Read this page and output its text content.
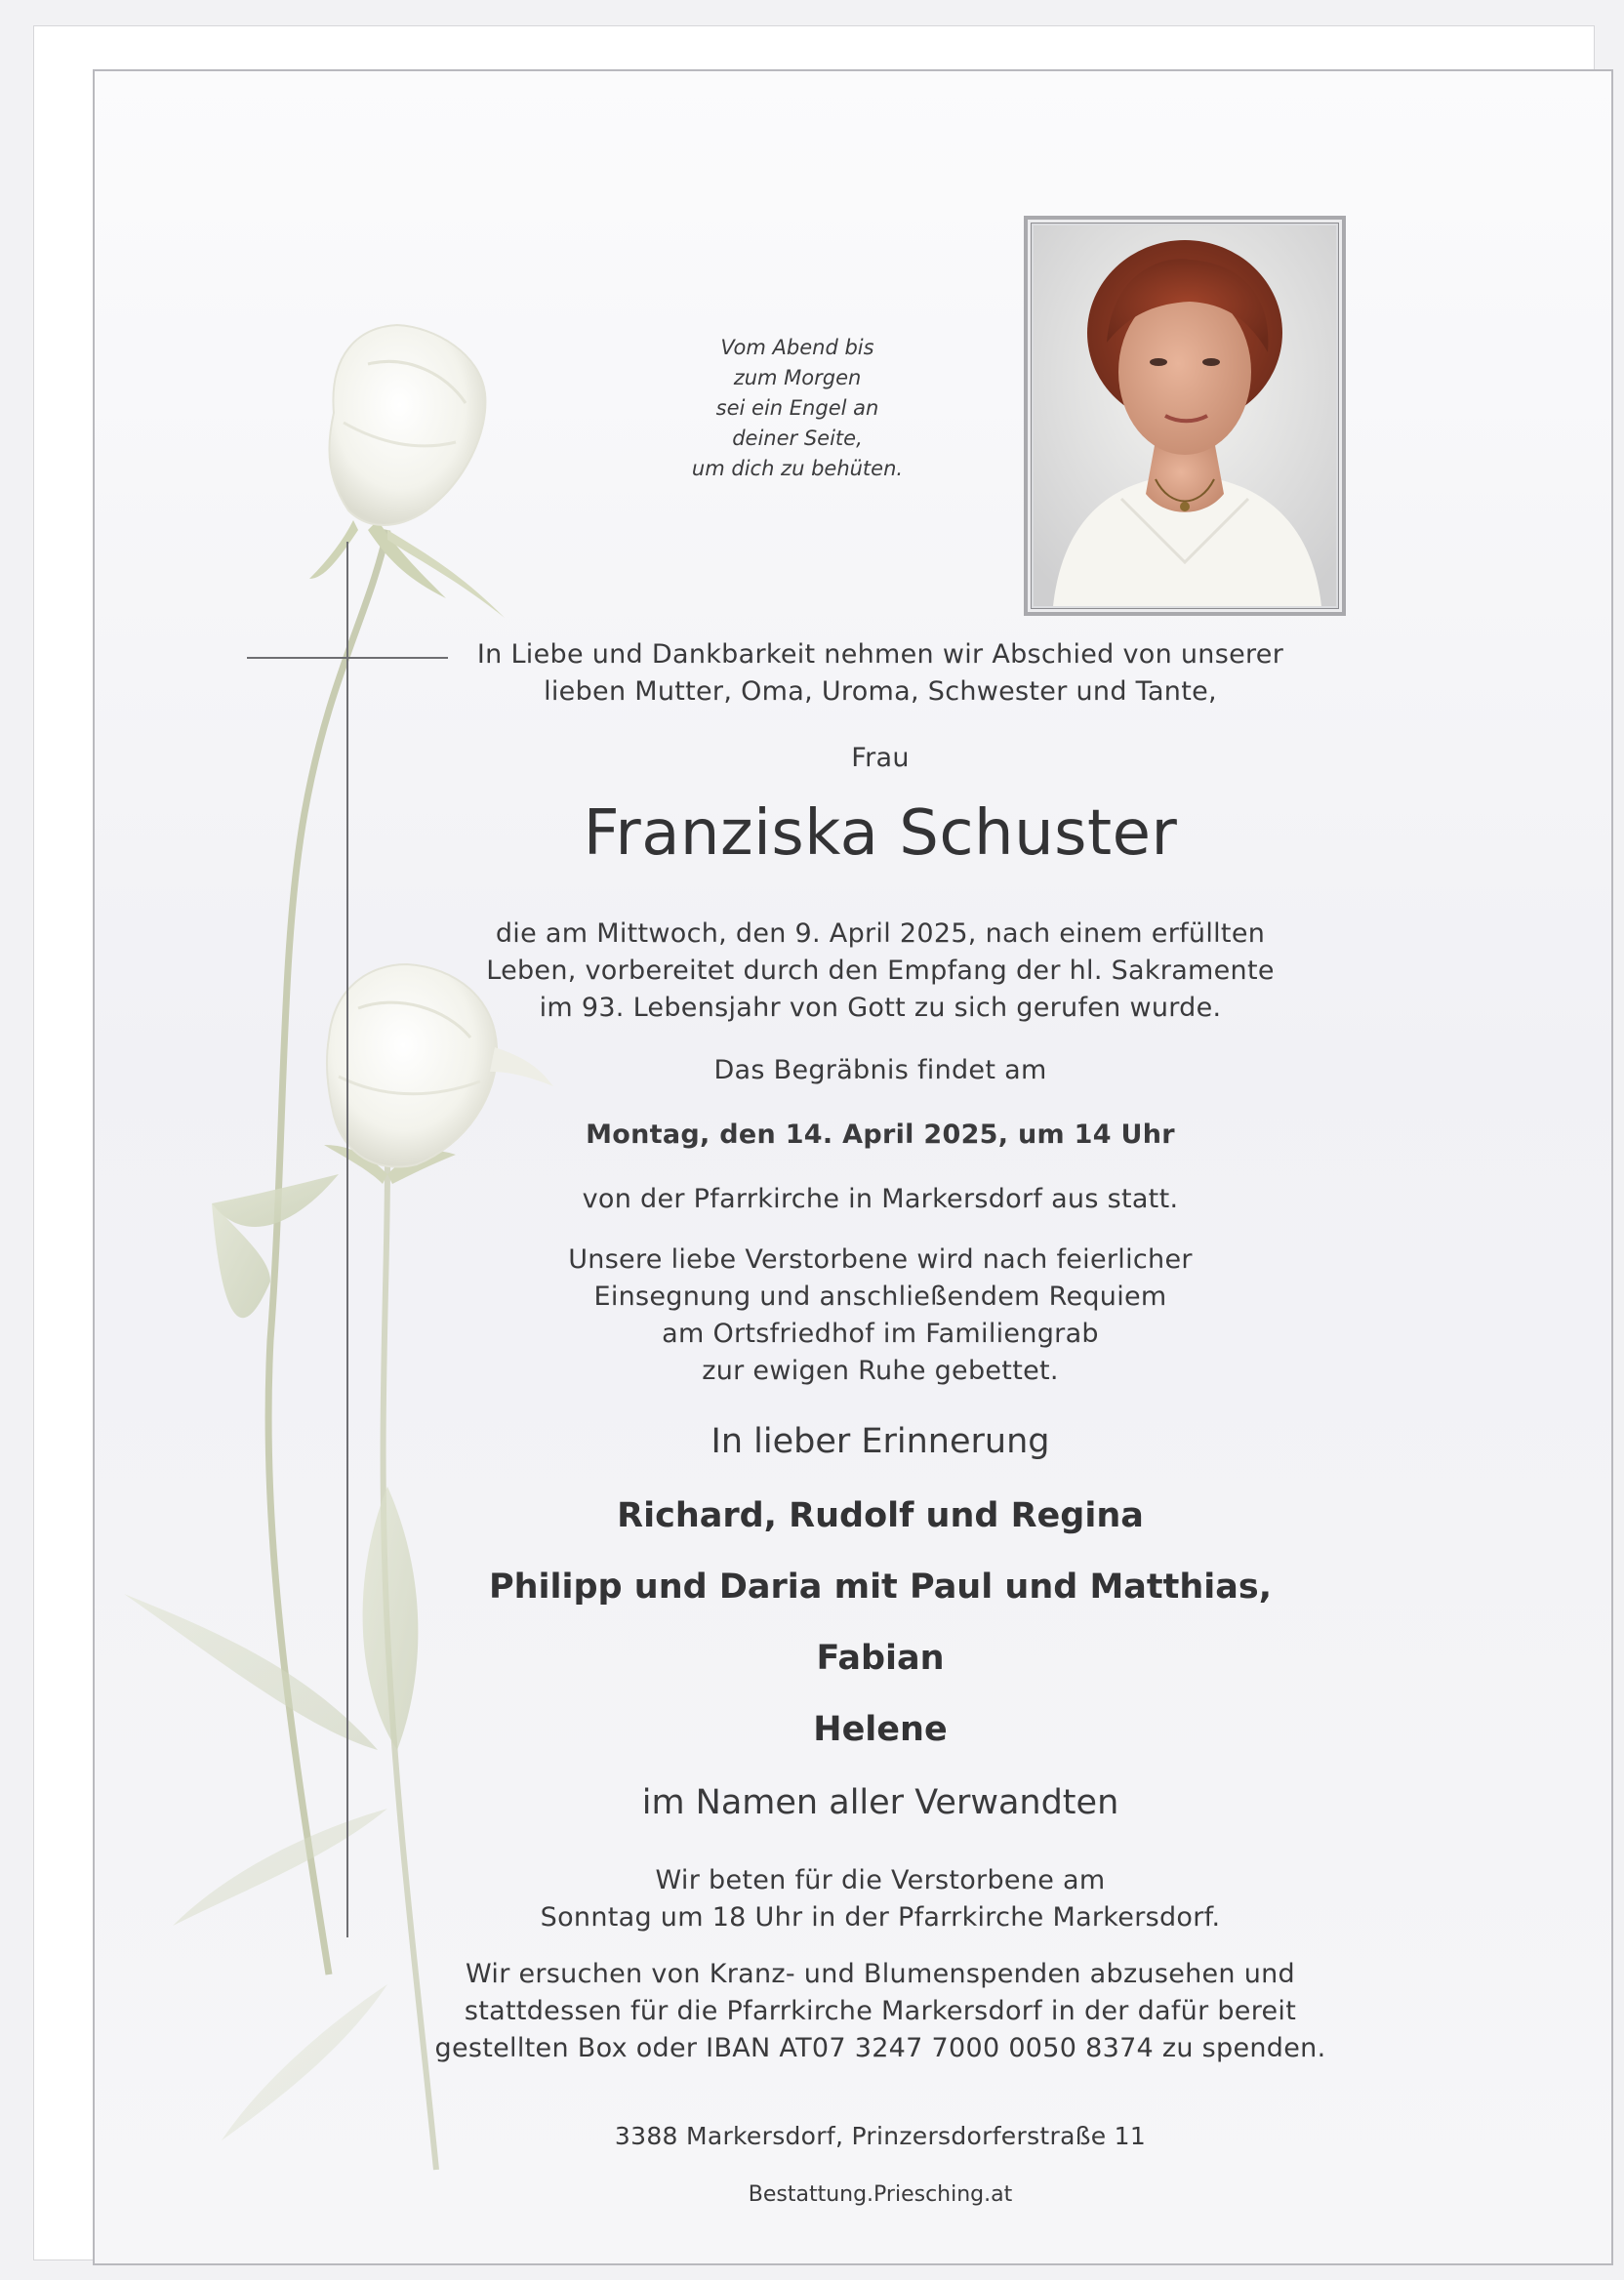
Vom Abend bis
zum Morgen
sei ein Engel an
deiner Seite,
um dich zu behüten.
In Liebe und Dankbarkeit nehmen wir Abschied von unserer
lieben Mutter, Oma, Uroma, Schwester und Tante,
Frau
Franziska Schuster
die am Mittwoch, den 9. April 2025, nach einem erfüllten
Leben, vorbereitet durch den Empfang der hl. Sakramente
im 93. Lebensjahr von Gott zu sich gerufen wurde.
Das Begräbnis findet am
Montag, den 14. April 2025, um 14 Uhr
von der Pfarrkirche in Markersdorf aus statt.
Unsere liebe Verstorbene wird nach feierlicher
Einsegnung und anschließendem Requiem
am Ortsfriedhof im Familiengrab
zur ewigen Ruhe gebettet.
In lieber Erinnerung
Richard, Rudolf und Regina
Philipp und Daria mit Paul und Matthias,
Fabian
Helene
im Namen aller Verwandten
Wir beten für die Verstorbene am
Sonntag um 18 Uhr in der Pfarrkirche Markersdorf.
Wir ersuchen von Kranz- und Blumenspenden abzusehen und
stattdessen für die Pfarrkirche Markersdorf in der dafür bereit
gestellten Box oder IBAN AT07 3247 7000 0050 8374 zu spenden.
3388 Markersdorf, Prinzersdorferstraße 11
Bestattung.Priesching.at
